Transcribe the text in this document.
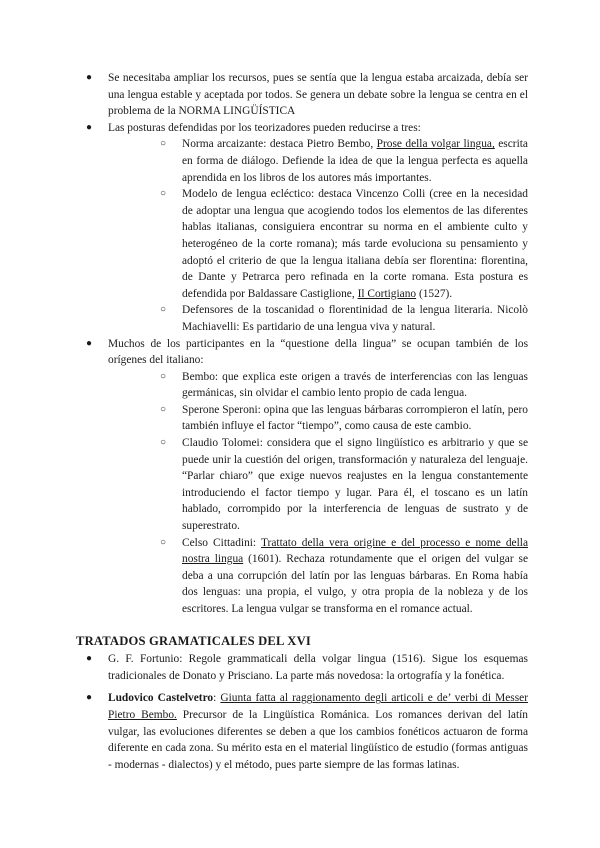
● Se necesitaba ampliar los recursos, pues se sentía que la lengua estaba arcaizada, debía ser una lengua estable y aceptada por todos. Se genera un debate sobre la lengua se centra en el problema de la NORMA LINGÜÍSTICA
● Las posturas defendidas por los teorizadores pueden reducirse a tres:
○ Norma arcaizante: destaca Pietro Bembo, Prose della volgar lingua, escrita en forma de diálogo. Defiende la idea de que la lengua perfecta es aquella aprendida en los libros de los autores más importantes.
○ Modelo de lengua ecléctico: destaca Vincenzo Colli (cree en la necesidad de adoptar una lengua que acogiendo todos los elementos de las diferentes hablas italianas, consiguiera encontrar su norma en el ambiente culto y heterogéneo de la corte romana); más tarde evoluciona su pensamiento y adoptó el criterio de que la lengua italiana debía ser florentina: florentina, de Dante y Petrarca pero refinada en la corte romana. Esta postura es defendida por Baldassare Castiglione, Il Cortigiano (1527).
○ Defensores de la toscanidad o florentinidad de la lengua literaria. Nicolò Machiavelli: Es partidario de una lengua viva y natural.
● Muchos de los participantes en la “questione della lingua” se ocupan también de los orígenes del italiano:
○ Bembo: que explica este origen a través de interferencias con las lenguas germánicas, sin olvidar el cambio lento propio de cada lengua.
○ Sperone Speroni: opina que las lenguas bárbaras corrompieron el latín, pero también influye el factor “tiempo”, como causa de este cambio.
○ Claudio Tolomei: considera que el signo lingüístico es arbitrario y que se puede unir la cuestión del origen, transformación y naturaleza del lenguaje. “Parlar chiaro” que exige nuevos reajustes en la lengua constantemente introduciendo el factor tiempo y lugar. Para él, el toscano es un latín hablado, corrompido por la interferencia de lenguas de sustrato y de superestrato.
○ Celso Cittadini: Trattato della vera origine e del processo e nome della nostra lingua (1601). Rechaza rotundamente que el origen del vulgar se deba a una corrupción del latín por las lenguas bárbaras. En Roma había dos lenguas: una propia, el vulgo, y otra propia de la nobleza y de los escritores. La lengua vulgar se transforma en el romance actual.
TRATADOS GRAMATICALES DEL XVI
● G. F. Fortunio: Regole grammaticali della volgar lingua (1516). Sigue los esquemas tradicionales de Donato y Prisciano. La parte más novedosa: la ortografía y la fonética.
● Ludovico Castelvetro: Giunta fatta al raggionamento degli articoli e de’ verbi di Messer Pietro Bembo. Precursor de la Lingüística Románica. Los romances derivan del latín vulgar, las evoluciones diferentes se deben a que los cambios fonéticos actuaron de forma diferente en cada zona. Su mérito esta en el material lingüístico de estudio (formas antiguas - modernas - dialectos) y el método, pues parte siempre de las formas latinas.
